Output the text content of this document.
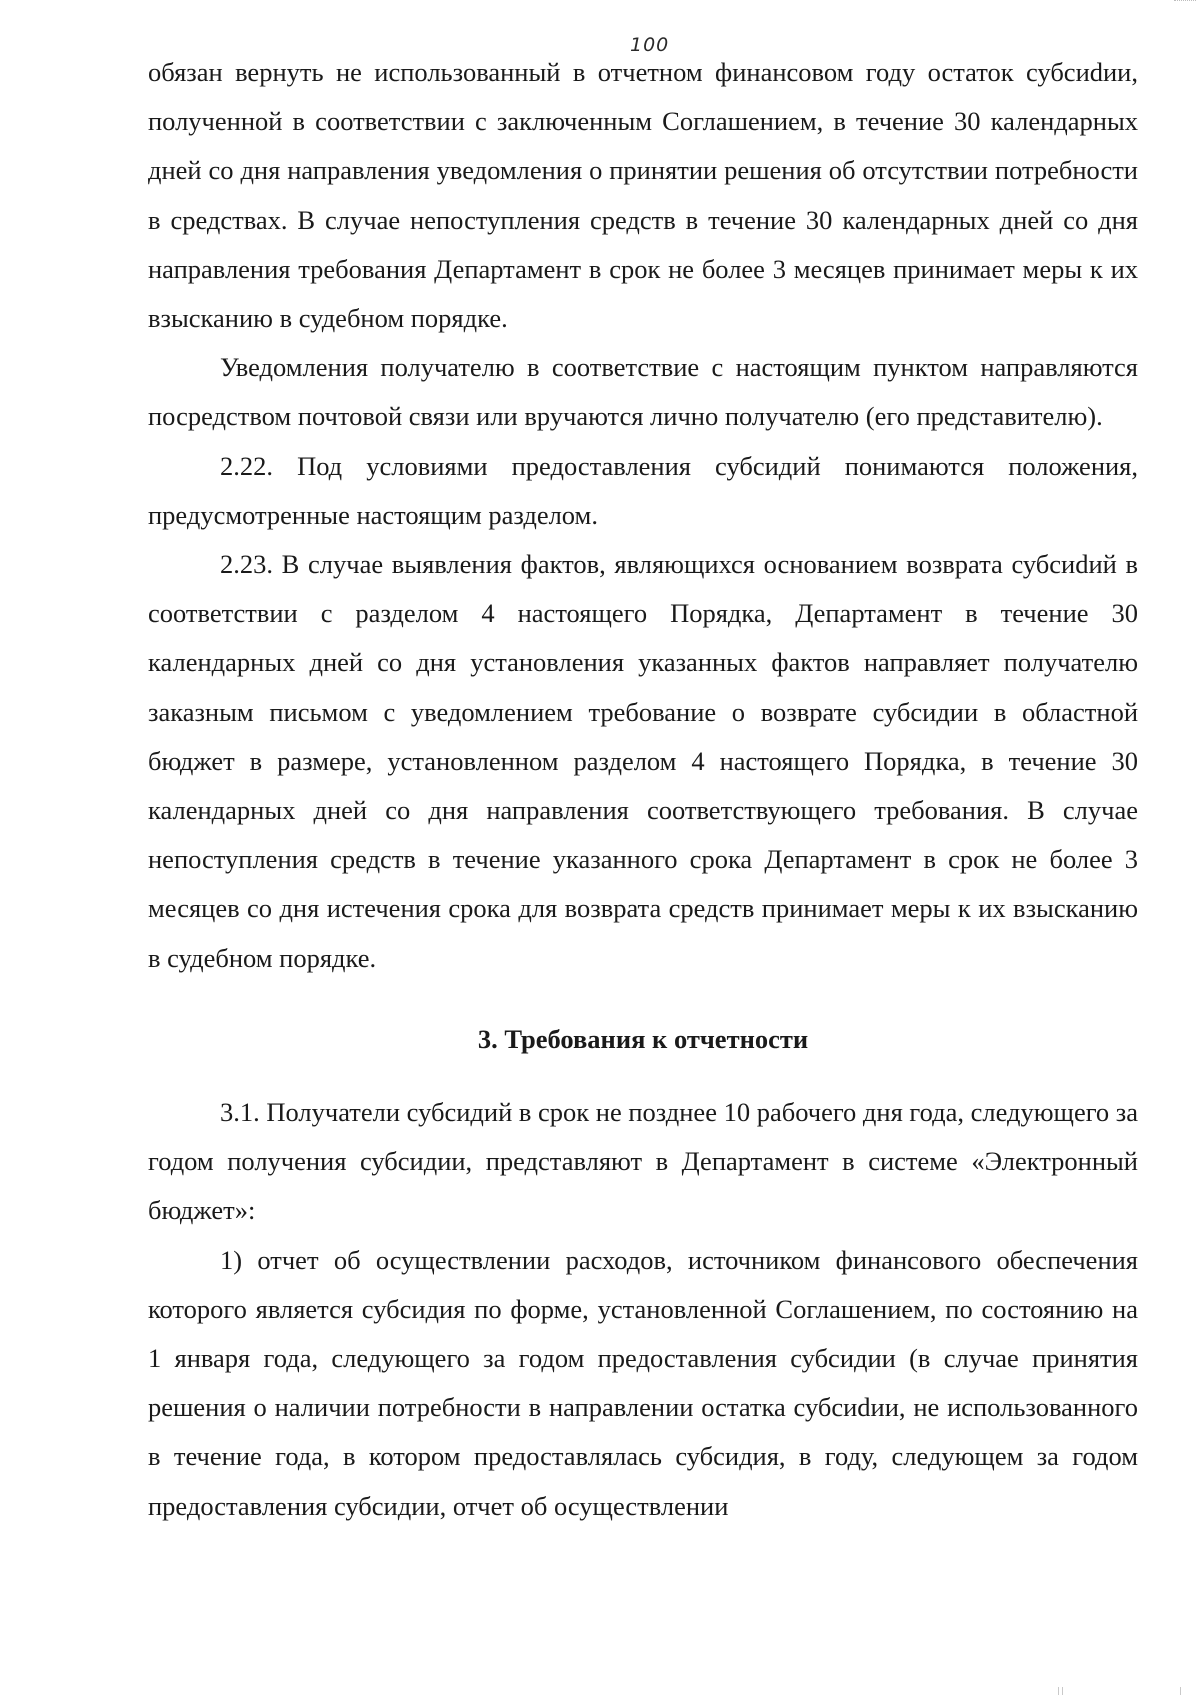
100

обязан вернуть не использованный в отчетном финансовом году остаток субсиdии, полученной в соответствии с заключенным Соглашением, в течение 30 календарных дней со дня направления уведомления о принятии решения об отсутствии потребности в средствах. В случае непоступления средств в течение 30 календарных дней со дня направления требования Департамент в срок не более 3 месяцев принимает меры к их взысканию в судебном порядке.

Уведомления получателю в соответствие с настоящим пунктом направляются посредством почтовой связи или вручаются лично получателю (его представителю).

2.22. Под условиями предоставления субсидий понимаются положения, предусмотренные настоящим разделом.

2.23. В случае выявления фактов, являющихся основанием возврата субсиdий в соответствии с разделом 4 настоящего Порядка, Департамент в течение 30 календарных дней со дня установления указанных фактов направляет получателю заказным письмом с уведомлением требование о возврате субсидии в областной бюджет в размере, установленном разделом 4 настоящего Порядка, в течение 30 календарных дней со дня направления соответствующего требования. В случае непоступления средств в течение указанного срока Департамент в срок не более 3 месяцев со дня истечения срока для возврата средств принимает меры к их взысканию в судебном порядке.

3. Требования к отчетности

3.1. Получатели субсидий в срок не позднее 10 рабочего дня года, следующего за годом получения субсидии, представляют в Департамент в системе «Электронный бюджет»:

1) отчет об осуществлении расходов, источником финансового обеспечения которого является субсидия по форме, установленной Соглашением, по состоянию на 1 января года, следующего за годом предоставления субсидии (в случае принятия решения о наличии потребности в направлении остатка субсиdии, не использованного в течение года, в котором предоставлялась субсидия, в году, следующем за годом предоставления субсидии, отчет об осуществлении
